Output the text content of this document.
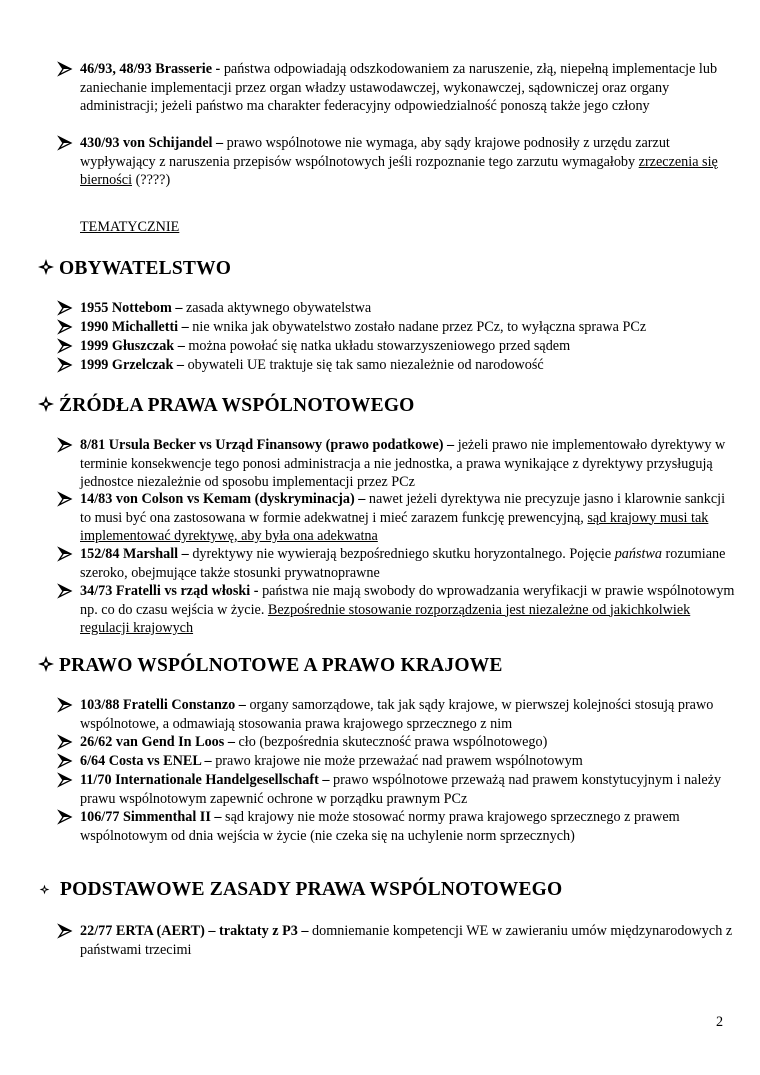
46/93, 48/93 Brasserie - państwa odpowiadają odszkodowaniem za naruszenie, złą, niepełną implementacje lub zaniechanie implementacji przez organ władzy ustawodawczej, wykonawczej, sądowniczej oraz organy administracji; jeżeli państwo ma charakter federacyjny odpowiedzialność ponoszą także jego człony
430/93 von Schijandel – prawo wspólnotowe nie wymaga, aby sądy krajowe podnosiły z urzędu zarzut wypływający z naruszenia przepisów wspólnotowych jeśli rozpoznanie tego zarzutu wymagałoby zrzeczenia się bierności (????)
TEMATYCZNIE
OBYWATELSTWO
1955 Nottebom – zasada aktywnego obywatelstwa
1990 Michalletti – nie wnika jak obywatelstwo zostało nadane przez PCz, to wyłączna sprawa PCz
1999 Głuszczak – można powołać się natka układu stowarzyszeniowego przed sądem
1999 Grzelczak – obywateli UE traktuje się tak samo niezależnie od narodowość
ŹRÓDŁA PRAWA WSPÓLNOTOWEGO
8/81 Ursula Becker vs Urząd Finansowy (prawo podatkowe) – jeżeli prawo nie implementowało dyrektywy w terminie konsekwencje tego ponosi administracja a nie jednostka, a prawa wynikające z dyrektywy przysługują jednostce niezależnie od sposobu implementacji przez PCz
14/83 von Colson vs Kemam (dyskryminacja) – nawet jeżeli dyrektywa nie precyzuje jasno i klarownie sankcji to musi być ona zastosowana w formie adekwatnej i mieć zarazem funkcję prewencyjną, sąd krajowy musi tak implementować dyrektywę, aby była ona adekwatna
152/84 Marshall – dyrektywy nie wywierają bezpośredniego skutku horyzontalnego. Pojęcie państwa rozumiane szeroko, obejmujące także stosunki prywatnoprawne
34/73 Fratelli vs rząd włoski - państwa nie mają swobody do wprowadzania weryfikacji w prawie wspólnotowym np. co do czasu wejścia w życie. Bezpośrednie stosowanie rozporządzenia jest niezależne od jakichkolwiek regulacji krajowych
PRAWO WSPÓLNOTOWE A PRAWO KRAJOWE
103/88 Fratelli Constanzo – organy samorządowe, tak jak sądy krajowe, w pierwszej kolejności stosują prawo wspólnotowe, a odmawiają stosowania prawa krajowego sprzecznego z nim
26/62 van Gend In Loos – cło (bezpośrednia skuteczność prawa wspólnotowego)
6/64 Costa vs ENEL – prawo krajowe nie może przeważać nad prawem wspólnotowym
11/70 Internationale Handelgesellschaft – prawo wspólnotowe przeważą nad prawem konstytucyjnym i należy prawu wspólnotowym zapewnić ochrone w porządku prawnym PCz
106/77 Simmenthal II – sąd krajowy nie może stosować normy prawa krajowego sprzecznego z prawem wspólnotowym od dnia wejścia w życie (nie czeka się na uchylenie norm sprzecznych)
PODSTAWOWE ZASADY PRAWA WSPÓLNOTOWEGO
22/77 ERTA (AERT) – traktaty z P3 – domniemanie kompetencji WE w zawieraniu umów międzynarodowych z państwami trzecimi
2
